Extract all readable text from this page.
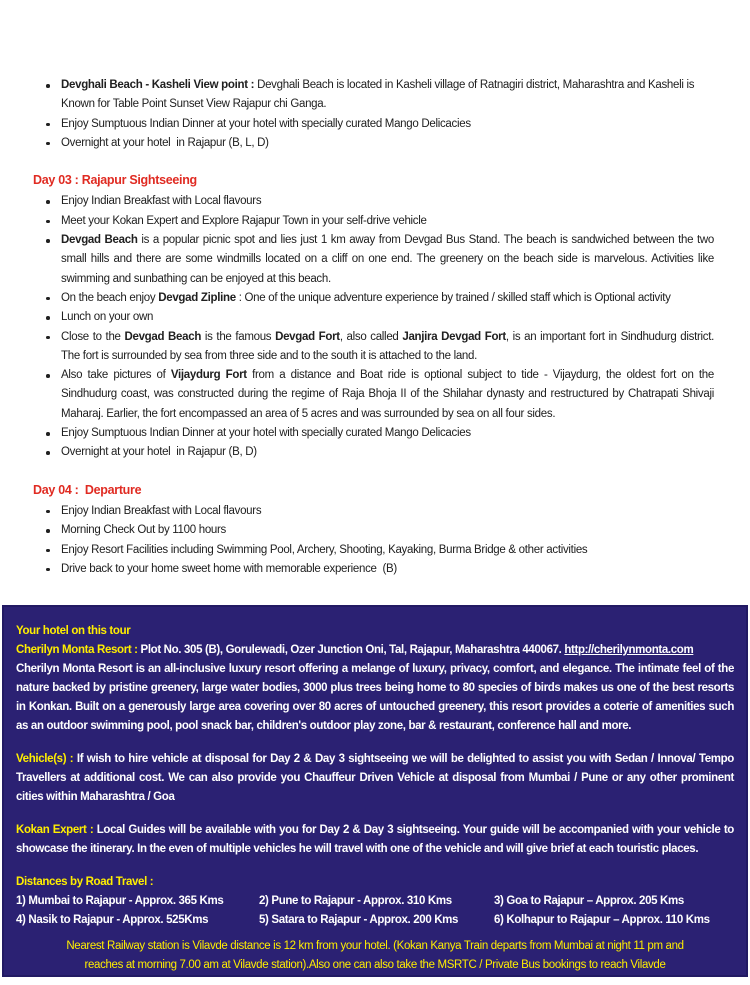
Devghali Beach - Kasheli View point : Devghali Beach is located in Kasheli village of Ratnagiri district, Maharashtra and Kasheli is Known for Table Point Sunset View Rajapur chi Ganga.
Enjoy Sumptuous Indian Dinner at your hotel with specially curated Mango Delicacies
Overnight at your hotel  in Rajapur (B, L, D)
Day 03 : Rajapur Sightseeing
Enjoy Indian Breakfast with Local flavours
Meet your Kokan Expert and Explore Rajapur Town in your self-drive vehicle
Devgad Beach is a popular picnic spot and lies just 1 km away from Devgad Bus Stand. The beach is sandwiched between the two small hills and there are some windmills located on a cliff on one end. The greenery on the beach side is marvelous. Activities like swimming and sunbathing can be enjoyed at this beach.
On the beach enjoy Devgad Zipline : One of the unique adventure experience by trained / skilled staff which is Optional activity
Lunch on your own
Close to the Devgad Beach is the famous Devgad Fort, also called Janjira Devgad Fort, is an important fort in Sindhudurg district. The fort is surrounded by sea from three side and to the south it is attached to the land.
Also take pictures of Vijaydurg Fort from a distance and Boat ride is optional subject to tide - Vijaydurg, the oldest fort on the Sindhudurg coast, was constructed during the regime of Raja Bhoja II of the Shilahar dynasty and restructured by Chatrapati Shivaji Maharaj. Earlier, the fort encompassed an area of 5 acres and was surrounded by sea on all four sides.
Enjoy Sumptuous Indian Dinner at your hotel with specially curated Mango Delicacies
Overnight at your hotel  in Rajapur (B, D)
Day 04 :  Departure
Enjoy Indian Breakfast with Local flavours
Morning Check Out by 1100 hours
Enjoy Resort Facilities including Swimming Pool, Archery, Shooting, Kayaking, Burma Bridge & other activities
Drive back to your home sweet home with memorable experience  (B)
Your hotel on this tour

Cherilyn Monta Resort : Plot No. 305 (B), Gorulewadi, Ozer Junction Oni, Tal, Rajapur, Maharashtra 440067. http://cherilynmonta.com

Cherilyn Monta Resort is an all-inclusive luxury resort offering a melange of luxury, privacy, comfort, and elegance. The intimate feel of the nature backed by pristine greenery, large water bodies, 3000 plus trees being home to 80 species of birds makes us one of the best resorts in Konkan. Built on a generously large area covering over 80 acres of untouched greenery, this resort provides a coterie of amenities such as an outdoor swimming pool, pool snack bar, children's outdoor play zone, bar & restaurant, conference hall and more.

Vehicle(s) : If wish to hire vehicle at disposal for Day 2 & Day 3 sightseeing we will be delighted to assist you with Sedan / Innova/ Tempo Travellers at additional cost. We can also provide you Chauffeur Driven Vehicle at disposal from Mumbai / Pune or any other prominent cities within Maharashtra / Goa

Kokan Expert : Local Guides will be available with you for Day 2 & Day 3 sightseeing. Your guide will be accompanied with your vehicle to showcase the itinerary. In the even of multiple vehicles he will travel with one of the vehicle and will give brief at each touristic places.

Distances by Road Travel :
1) Mumbai to Rajapur - Approx. 365 Kms	2) Pune to Rajapur - Approx. 310 Kms	3) Goa to Rajapur – Approx. 205 Kms
4) Nasik to Rajapur - Approx. 525Kms	5) Satara to Rajapur - Approx. 200 Kms	6) Kolhapur to Rajapur – Approx. 110 Kms

Nearest Railway station is Vilavde distance is 12 km from your hotel. (Kokan Kanya Train departs from Mumbai at night 11 pm and reaches at morning 7.00 am at Vilavde station).Also one can also take the MSRTC / Private Bus bookings to reach Vilavde
